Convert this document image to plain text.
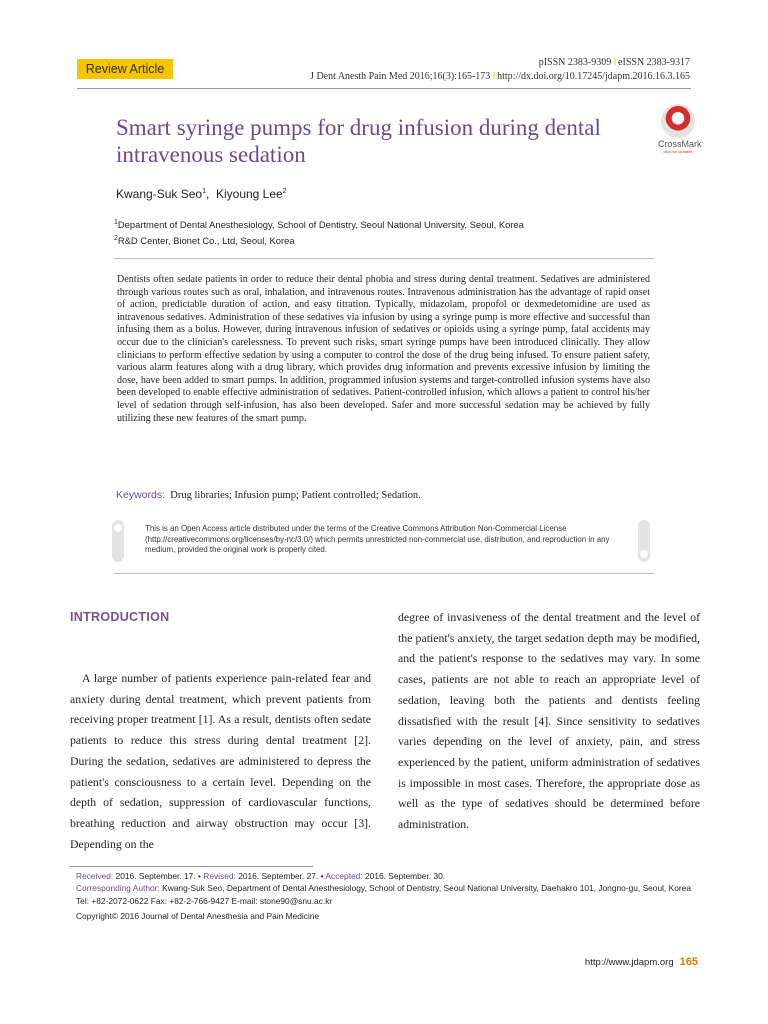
Review Article	pISSN 2383-9309 ‖ eISSN 2383-9317
J Dent Anesth Pain Med 2016;16(3):165-173 ‖ http://dx.doi.org/10.17245/jdapm.2016.16.3.165
Smart syringe pumps for drug infusion during dental intravenous sedation	CrossMark
click for updates
Kwang-Suk Seo$^1$,  Kiyoung Lee$^2$
$^1$Department of Dental Anesthesiology, School of Dentistry, Seoul National University, Seoul, Korea
$^2$R&D Center, Bionet Co., Ltd, Seoul, Korea
Dentists often sedate patients in order to reduce their dental phobia and stress during dental treatment. Sedatives are administered through various routes such as oral, inhalation, and intravenous routes. Intravenous administration has the advantage of rapid onset of action, predictable duration of action, and easy titration. Typically, midazolam, propofol or dexmedetomidine are used as intravenous sedatives. Administration of these sedatives via infusion by using a syringe pump is more effective and successful than infusing them as a bolus. However, during intravenous infusion of sedatives or opioids using a syringe pump, fatal accidents may occur due to the clinician's carelessness. To prevent such risks, smart syringe pumps have been introduced clinically. They allow clinicians to perform effective sedation by using a computer to control the dose of the drug being infused. To ensure patient safety, various alarm features along with a drug library, which provides drug information and prevents excessive infusion by limiting the dose, have been added to smart pumps. In addition, programmed infusion systems and target-controlled infusion systems have also been developed to enable effective administration of sedatives. Patient-controlled infusion, which allows a patient to control his/her level of sedation through self-infusion, has also been developed. Safer and more successful sedation may be achieved by fully utilizing these new features of the smart pump.
Keywords: Drug libraries; Infusion pump; Patient controlled; Sedation.
This is an Open Access article distributed under the terms of the Creative Commons Attribution Non-Commercial License (http://creativecommons.org/licenses/by-nc/3.0/) which permits unrestricted non-commercial use, distribution, and reproduction in any medium, provided the original work is properly cited.
INTRODUCTION
A large number of patients experience pain-related fear and anxiety during dental treatment, which prevent patients from receiving proper treatment [1]. As a result, dentists often sedate patients to reduce this stress during dental treatment [2]. During the sedation, sedatives are administered to depress the patient's consciousness to a certain level. Depending on the depth of sedation, suppression of cardiovascular functions, breathing reduction and airway obstruction may occur [3]. Depending on the
degree of invasiveness of the dental treatment and the level of the patient's anxiety, the target sedation depth may be modified, and the patient's response to the sedatives may vary. In some cases, patients are not able to reach an appropriate level of sedation, leaving both the patients and dentists feeling dissatisfied with the result [4]. Since sensitivity to sedatives varies depending on the level of anxiety, pain, and stress experienced by the patient, uniform administration of sedatives is impossible in most cases. Therefore, the appropriate dose as well as the type of sedatives should be determined before administration.
Received: 2016. September. 17. • Revised: 2016. September. 27. • Accepted: 2016. September. 30.
Corresponding Author: Kwang-Suk Seo, Department of Dental Anesthesiology, School of Dentistry, Seoul National University, Daehakro 101, Jongno-gu, Seoul, Korea
Tel: +82-2072-0622 Fax: +82-2-766-9427 E-mail: stone90@snu.ac.kr
Copyright© 2016 Journal of Dental Anesthesia and Pain Medicine
http://www.jdapm.org 165
